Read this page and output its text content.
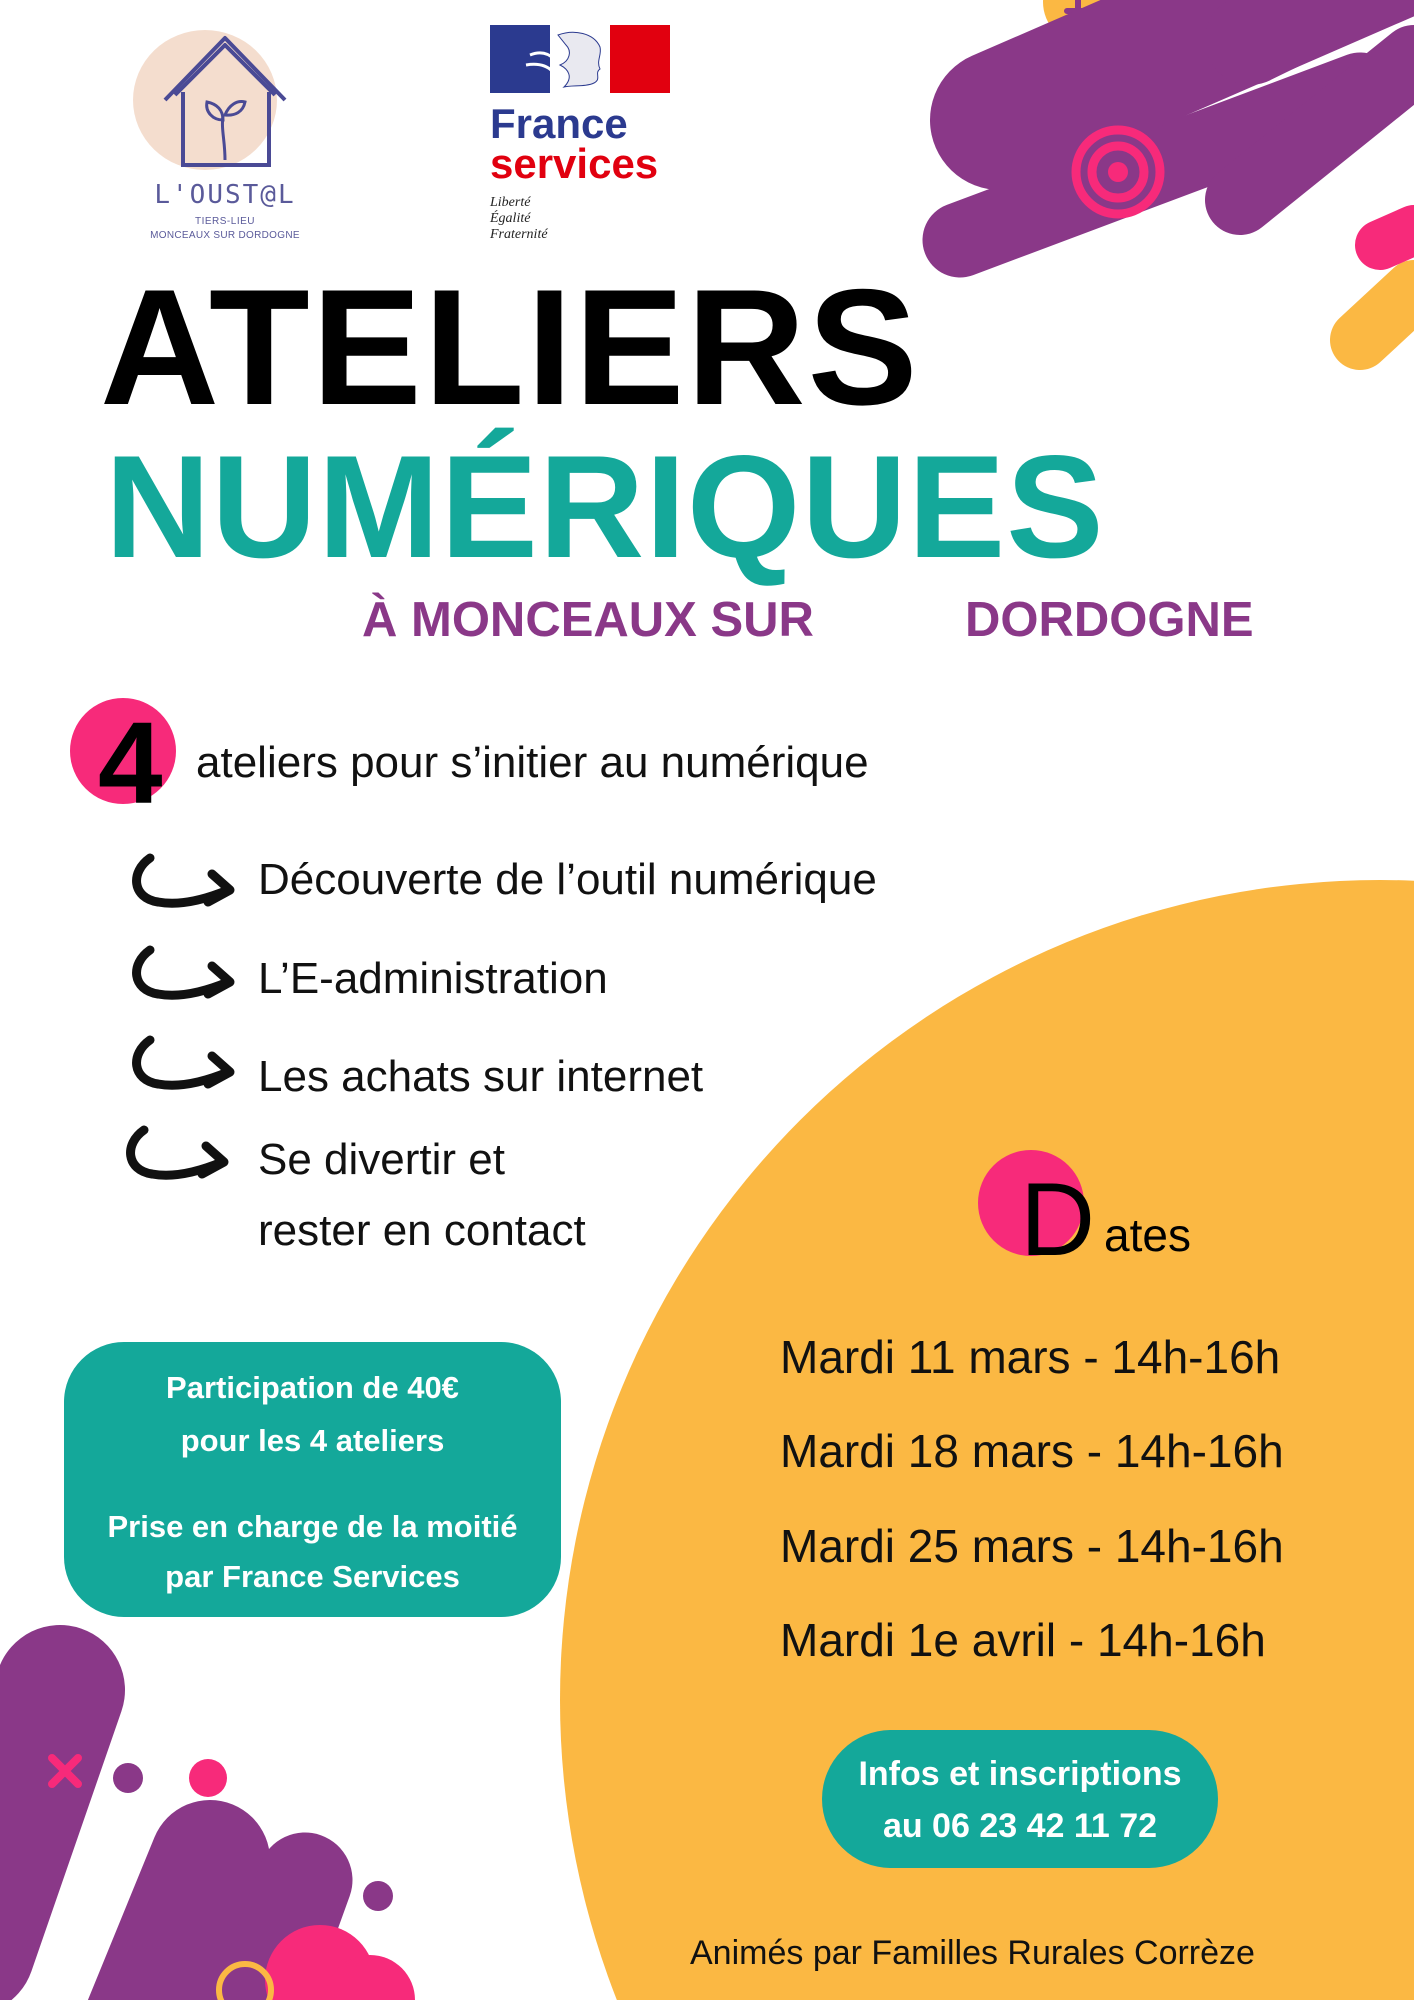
L'OUST@L
TIERS-LIEU
MONCEAUX SUR DORDOGNE
France
services
Liberté
Égalité
Fraternité
ATELIERS
NUMÉRIQUES
À MONCEAUX SUR	DORDOGNE
4 ateliers pour s’initier au numérique
Découverte de l’outil numérique
L’E-administration
Les achats sur internet
Se divertir et
rester en contact
Participation de 40€
pour les 4 ateliers
Prise en charge de la moitié
par France Services
D ates
Mardi 11 mars - 14h-16h
Mardi 18 mars - 14h-16h
Mardi 25 mars - 14h-16h
Mardi 1e avril - 14h-16h
Infos et inscriptions
au 06 23 42 11 72
Animés par Familles Rurales Corrèze
